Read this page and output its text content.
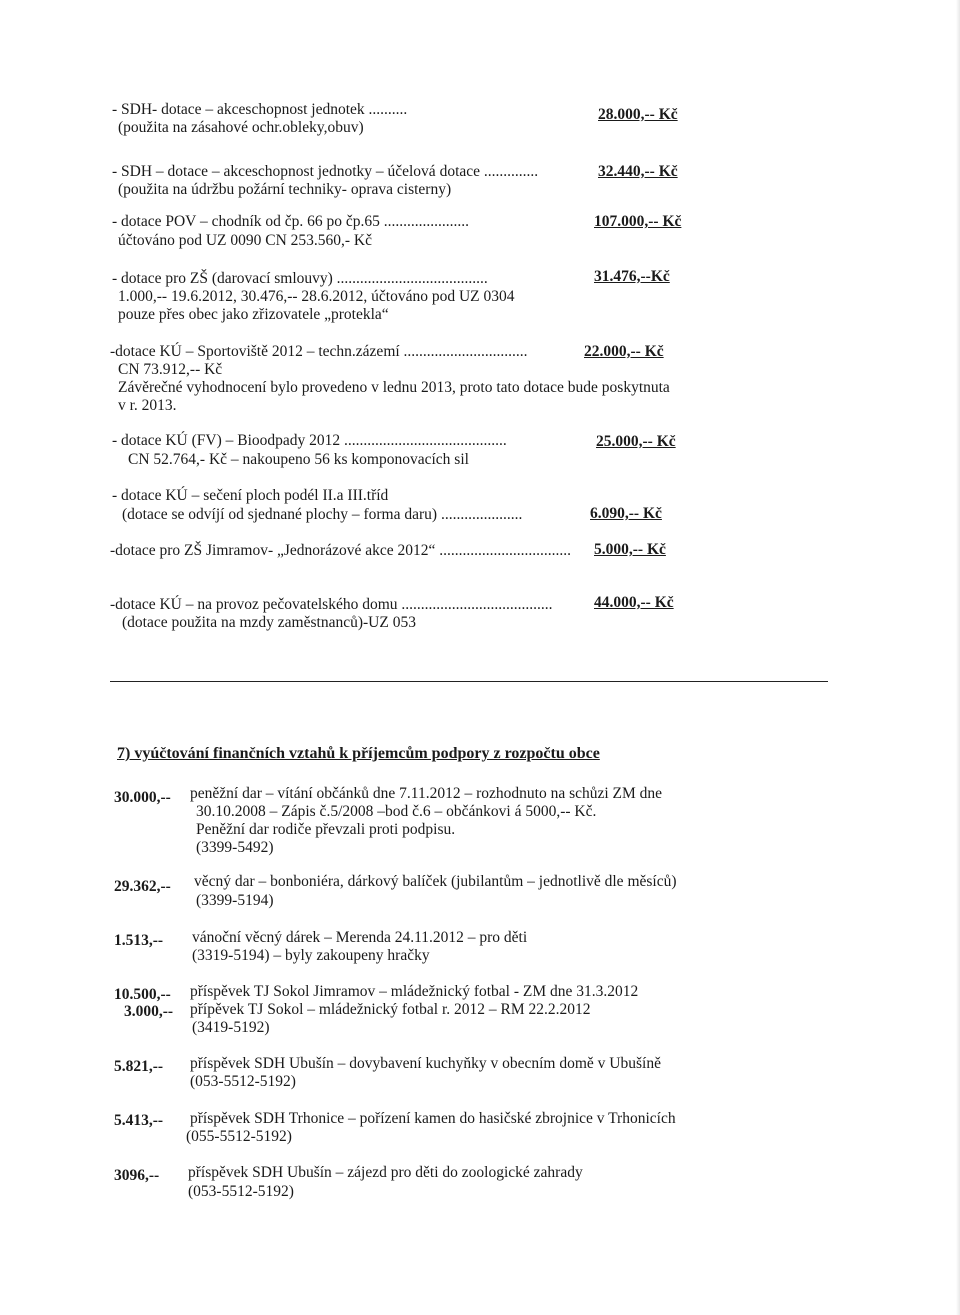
- SDH- dotace – akceschopnost jednotek ..........
(použita na zásahové ochr.obleky,obuv)
28.000,-- Kč
- SDH – dotace – akceschopnost jednotky – účelová dotace ..............
(použita na údržbu požární techniky- oprava cisterny)
32.440,-- Kč
- dotace POV – chodník od čp. 66 po čp.65 ......................
účtováno pod UZ 0090 CN 253.560,- Kč
107.000,-- Kč
- dotace pro ZŠ (darovací smlouvy) .......................................
1.000,-- 19.6.2012, 30.476,-- 28.6.2012, účtováno pod UZ 0304
pouze přes obec jako zřizovatele „protekla“
31.476,--Kč
-dotace KÚ – Sportoviště 2012 – techn.zázemí ................................
CN 73.912,-- Kč
Závěrečné vyhodnocení bylo provedeno v lednu 2013, proto tato dotace bude poskytnuta
v r. 2013.
22.000,-- Kč
- dotace KÚ (FV) – Bioodpady 2012 ..........................................
CN 52.764,- Kč – nakoupeno 56 ks komponovacích sil
25.000,-- Kč
- dotace KÚ – sečení ploch podél II.a III.tříd
(dotace se odvíjí od sjednané plochy – forma daru) .....................	6.090,-- Kč
-dotace pro ZŠ Jimramov- „Jednorázové akce 2012“ .................................. 5.000,-- Kč
-dotace KÚ – na provoz pečovatelského domu .......................................
(dotace použita na mzdy zaměstnanců)-UZ 053
44.000,-- Kč
7) vyúčtování finančních vztahů k příjemcům podpory z rozpočtu obce
30.000,-- peněžní dar – vítání občánků dne 7.11.2012 – rozhodnuto na schůzi ZM dne
30.10.2008 – Zápis č.5/2008 –bod č.6 – občánkovi á 5000,-- Kč.
Peněžní dar rodiče převzali proti podpisu.
(3399-5492)
29.362,-- věcný dar – bonboniéra, dárkový balíček (jubilantům – jednotlivě dle měsíců)
(3399-5194)
1.513,-- vánoční věcný dárek – Merenda 24.11.2012 – pro děti
(3319-5194) – byly zakoupeny hračky
10.500,-- příspěvek TJ Sokol Jimramov – mládežnický fotbal - ZM dne 31.3.2012
3.000,-- přípěvek TJ Sokol – mládežnický fotbal r. 2012 – RM 22.2.2012
(3419-5192)
5.821,-- příspěvek SDH Ubušín – dovybavení kuchyňky v obecním domě v Ubušíně
(053-5512-5192)
5.413,-- příspěvek SDH Trhonice – pořízení kamen do hasičské zbrojnice v Trhonicích
(055-5512-5192)
3096,-- příspěvek SDH Ubušín – zájezd pro děti do zoologické zahrady
(053-5512-5192)
